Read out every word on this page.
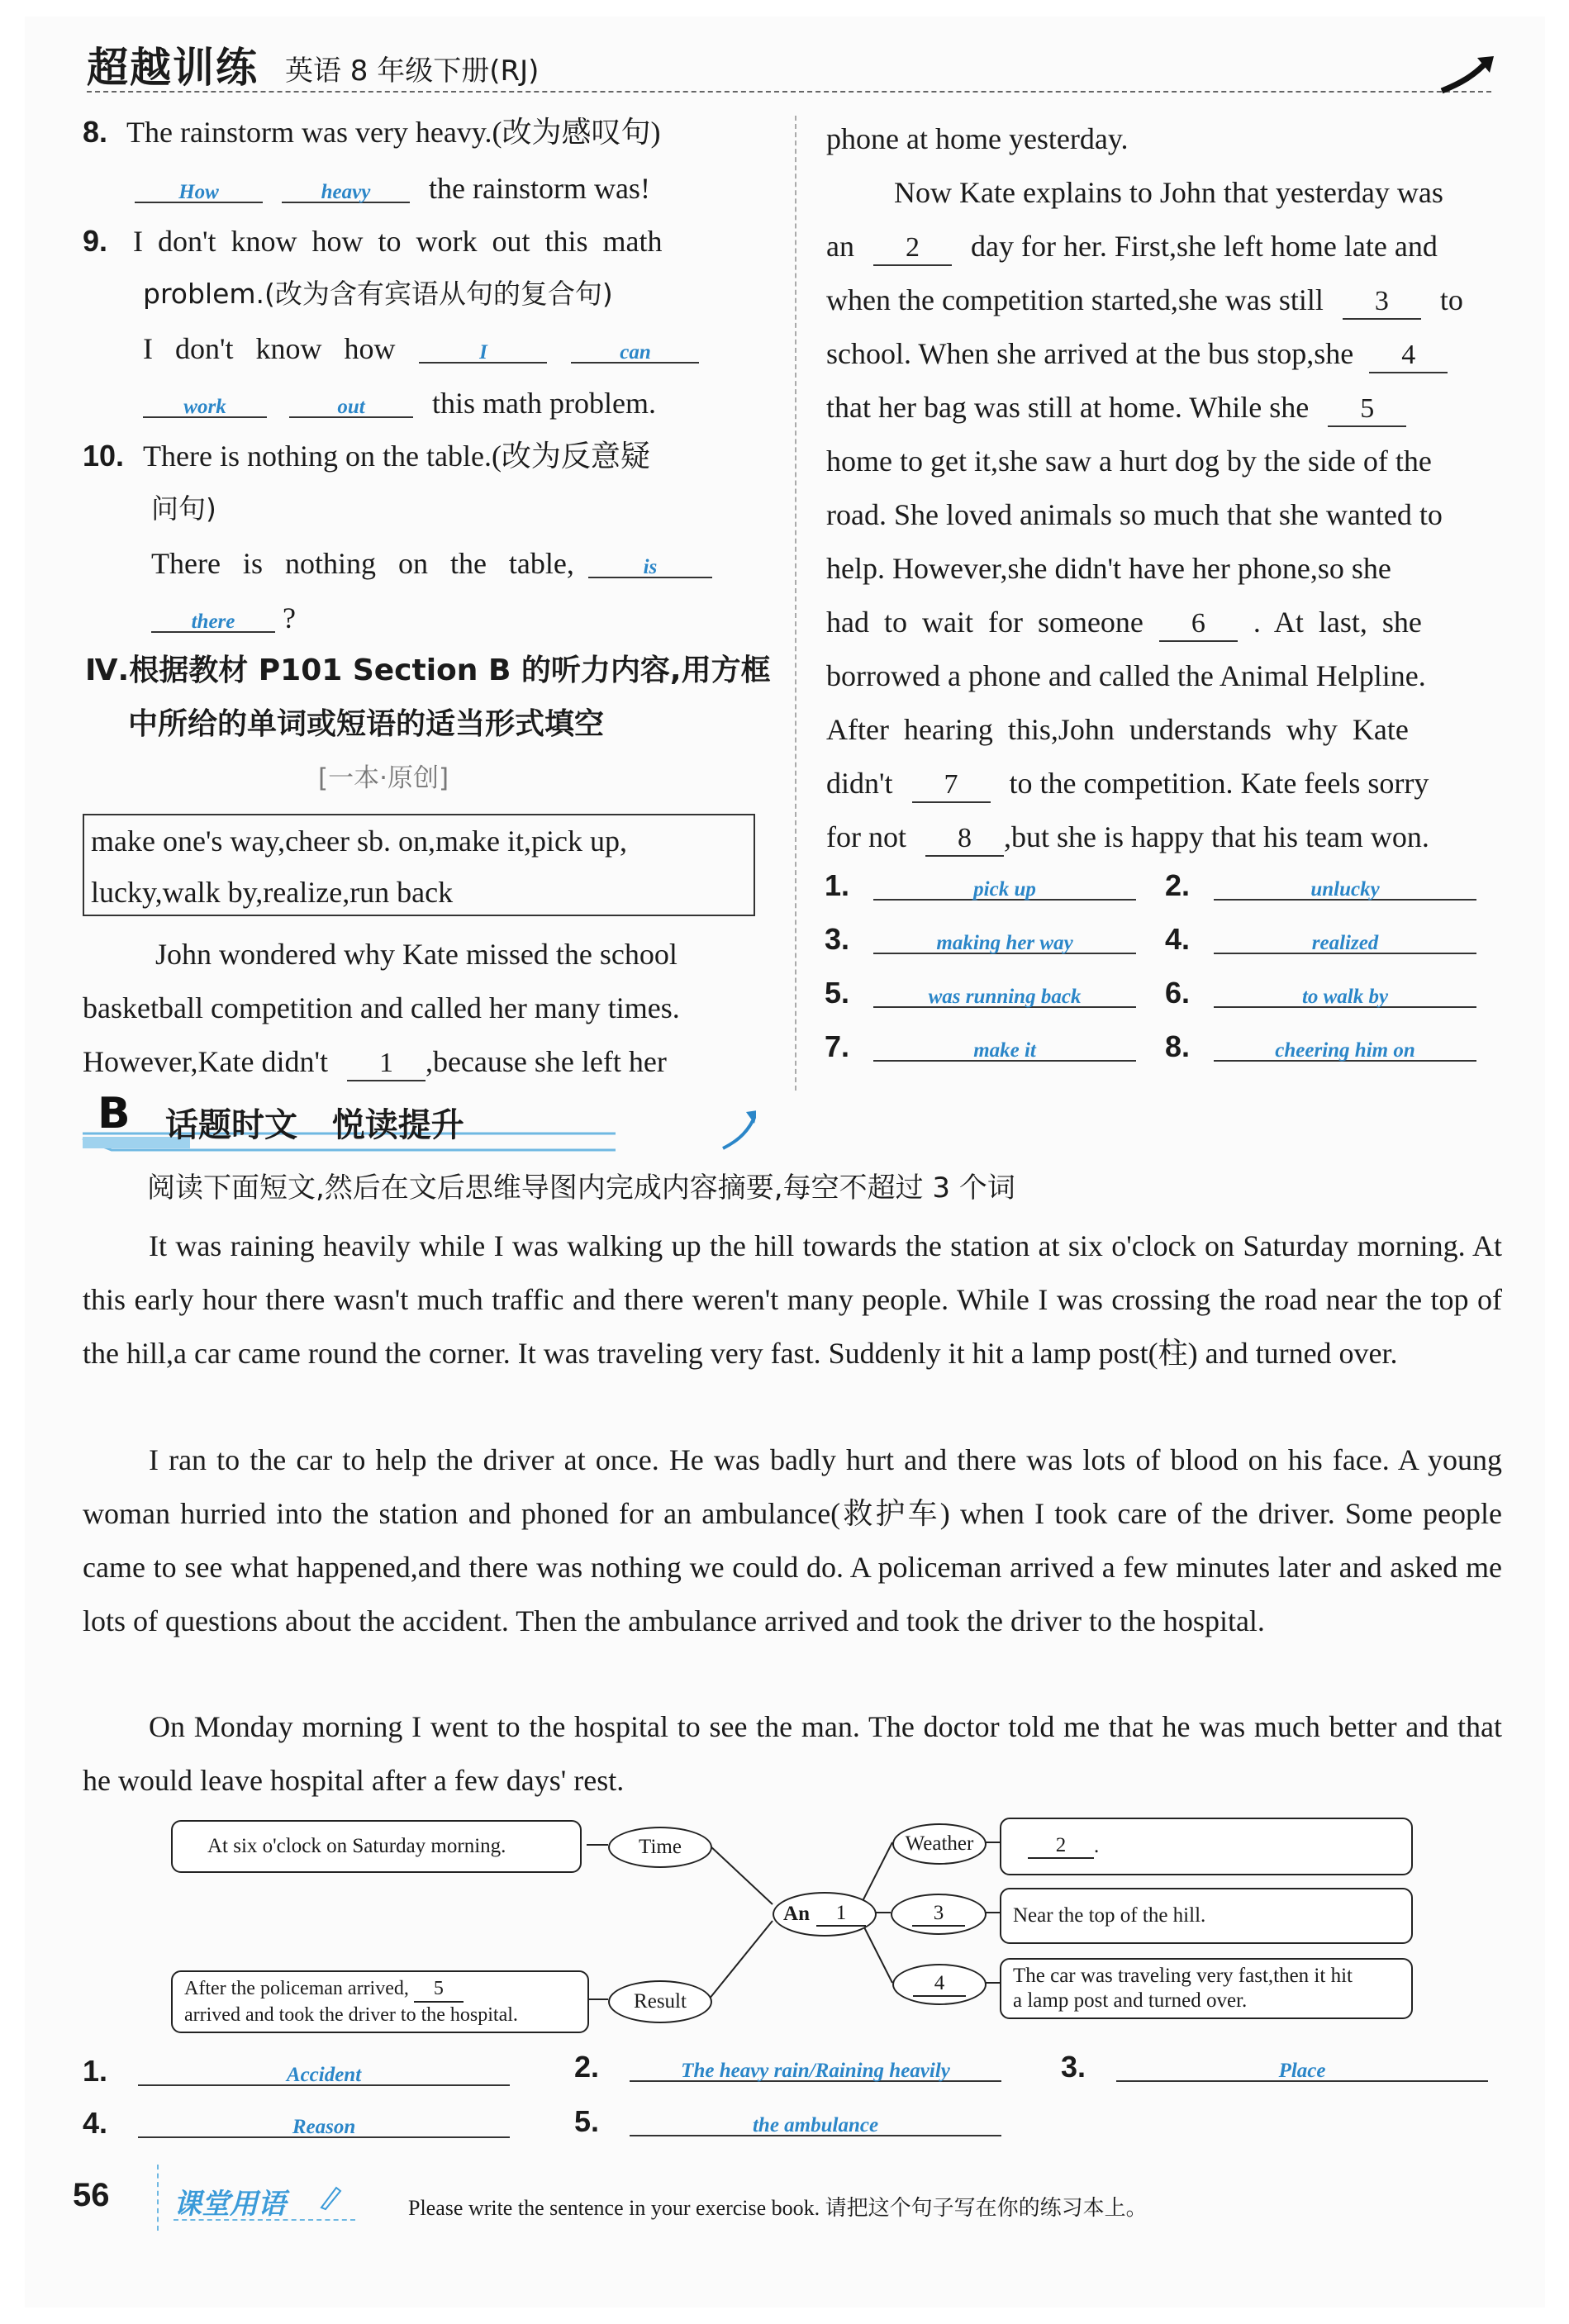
超越训练 英语 8 年级下册(RJ)
8. The rainstorm was very heavy.(改为感叹句)
How	heavy the rainstorm was!
9. I  don't  know  how  to  work  out  this  math
problem.(改为含有宾语从句的复合句)
I   don't   know   how	I	can
work	out this math problem.
10. There is nothing on the table.(改为反意疑
问句)
There   is   nothing   on   the   table,	is
there ?
Ⅳ.根据教材 P101 Section B 的听力内容,用方框
中所给的单词或短语的适当形式填空
[一本·原创]
make one's way,cheer sb. on,make it,pick up,
lucky,walk by,realize,run back
John wondered why Kate missed the school
basketball competition and called her many times.
However,Kate didn't 1 ,because she left her
phone at home yesterday.
Now Kate explains to John that yesterday was
an 2 day for her. First,she left home late and
when the competition started,she was still 3 to
school. When she arrived at the bus stop,she 4
that her bag was still at home. While she 5
home to get it,she saw a hurt dog by the side of the
road. She loved animals so much that she wanted to
help. However,she didn't have her phone,so she
had  to  wait  for  someone 6 .  At  last,  she
borrowed a phone and called the Animal Helpline.
After  hearing  this,John  understands  why  Kate
didn't 7 to the competition. Kate feels sorry
for not 8 ,but she is happy that his team won.
1.	pick up	2.	unlucky
3.	making her way	4.	realized
5.	was running back	6.	to walk by
7.	make it	8.	cheering him on
B 话题时文   悦读提升
阅读下面短文,然后在文后思维导图内完成内容摘要,每空不超过 3 个词
It was raining heavily while I was walking up the hill towards the station at six o'clock on Saturday morning. At this early hour there wasn't much traffic and there weren't many people. While I was crossing the road near the top of the hill,a car came round the corner. It was traveling very fast. Suddenly it hit a lamp post(柱) and turned over.
I ran to the car to help the driver at once. He was badly hurt and there was lots of blood on his face. A young woman hurried into the station and phoned for an ambulance(救护车) when I took care of the driver. Some people came to see what happened,and there was nothing we could do. A policeman arrived a few minutes later and asked me lots of questions about the accident. Then the ambulance arrived and took the driver to the hospital.
On Monday morning I went to the hospital to see the man. The doctor told me that he was much better and that he would leave hospital after a few days' rest.
At six o'clock on Saturday morning.	Time
An	1
Weather	2	.
3	Near the top of the hill.
4	The car was traveling very fast,then it hit
a lamp post and turned over.
Result
After the policeman arrived, 5
arrived and took the driver to the hospital.
1.	Accident	2.	The heavy rain/Raining heavily	3.	Place
4.	Reason	5.	the ambulance
56 课堂用语	Please write the sentence in your exercise book. 请把这个句子写在你的练习本上。
